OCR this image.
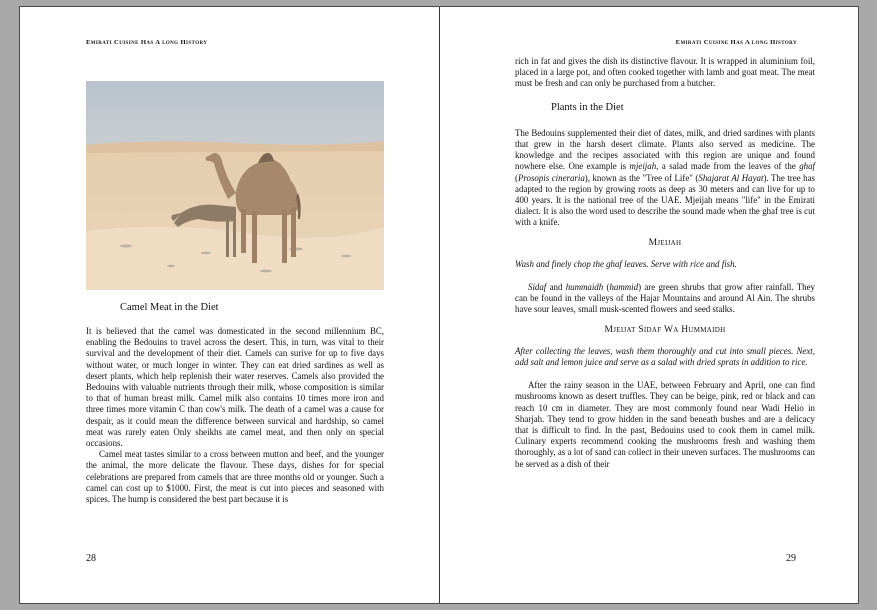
Emirati Cuisine Has A long History
Camel Meat in the Diet

It is believed that the camel was domesticated in the second millennium BC, enabling the Bedouins to travel across the desert. This, in turn, was vital to their survival and the development of their diet. Camels can surive for up to five days without water, or much longer in winter. They can eat dried sardines as well as desert plants, which help replenish their water reserves. Camels also provided the Bedouins with valuable nutrients through their milk, whose composition is similar to that of human breast milk. Camel milk also contains 10 times more iron and three times more vitamin C than cow's milk. The death of a camel was a cause for despair, as it could mean the difference between survical and hardship, so camel meat was rarely eaten Only sheikhs ate camel meat, and then only on special occasions.

Camel meat tastes similar to a cross between mutton and beef, and the younger the animal, the more delicate the flavour. These days, dishes for for special celebrations are prepared from camels that are three months old or younger. Such a camel can cost up to $1000. First, the meat is cut into pieces and seasoned with spices. The hump is considered the best part because it is

28
Emirati Cuisine Has A long History

rich in fat and gives the dish its distinctive flavour. It is wrapped in aluminium foil, placed in a large pot, and often cooked together with lamb and goat meat. The meat must be fresh and can only be purchased from a butcher.

Plants in the Diet

The Bedouins supplemented their diet of dates, milk, and dried sardines with plants that grew in the harsh desert climate. Plants also served as medicine. The knowledge and the recipes associated with this region are unique and found nowhere else. One example is mjeijah, a salad made from the leaves of the ghaf (Prosopis cineraria), known as the "Tree of Life" (Shajarat Al Hayat). The tree has adapted to the region by growing roots as deep as 30 meters and can live for up to 400 years. It is the national tree of the UAE. Mjeijah means "life" in the Emirati dialect. It is also the word used to describe the sound made when the ghaf tree is cut with a knife.

Mjeijah

Wash and finely chop the ghaf leaves. Serve with rice and fish.

Sidaf and hummaidh (hammid) are green shrubs that grow after rainfall. They can be found in the valleys of the Hajar Mountains and around Al Ain. The shrubs have sour leaves, small musk-scented flowers and seed stalks.

Mjeijat Sidaf Wa Hummaidh

After collecting the leaves, wash them thoroughly and cut into small pieces. Next, add salt and lemon juice and serve as a salad with dried sprats in addition to rice.

After the rainy season in the UAE, between February and April, one can find mushrooms known as desert truffles. They can be beige, pink, red or black and can reach 10 cm in diameter. They are most commonly found near Wadi Helio in Sharjah. They tend to grow hidden in the sand beneath bushes and are a delicacy that is difficult to find. In the past, Bedouins used to cook them in camel milk. Culinary experts recommend cooking the mushrooms fresh and washing them thoroughly, as a lot of sand can collect in their uneven surfaces. The mushrooms can be served as a dish of their

29
